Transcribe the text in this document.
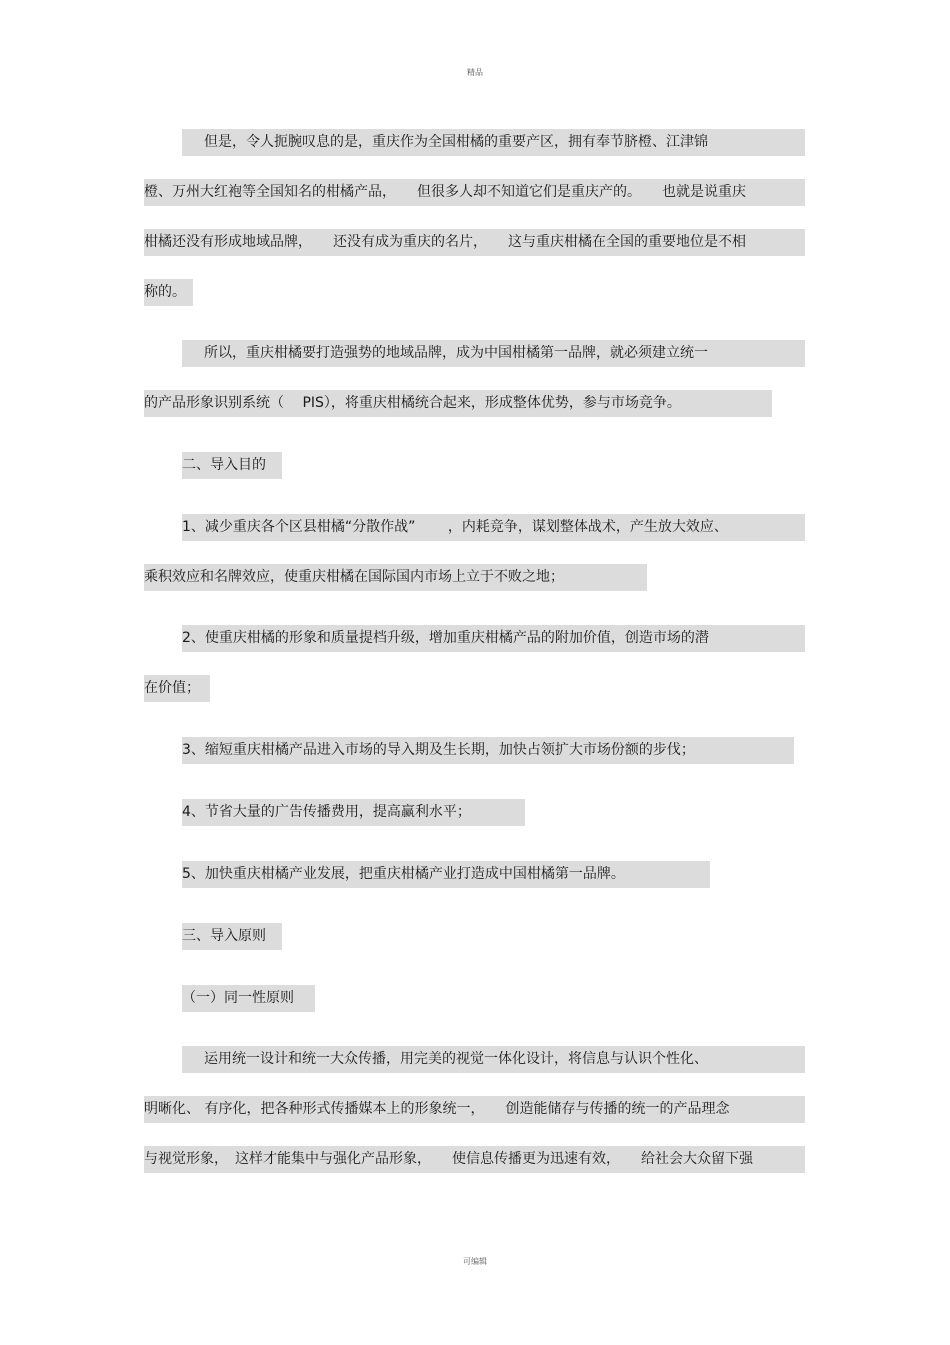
精品
但是，令人扼腕叹息的是，重庆作为全国柑橘的重要产区，拥有奉节脐橙、江津锦
橙、万州大红袍等全国知名的柑橘产品，　　但很多人却不知道它们是重庆产的。　　也就是说重庆
柑橘还没有形成地域品牌，　　还没有成为重庆的名片，　　这与重庆柑橘在全国的重要地位是不相
称的。
所以，重庆柑橘要打造强势的地域品牌，成为中国柑橘第一品牌，就必须建立统一
的产品形象识别系统（　 PIS），将重庆柑橘统合起来，形成整体优势，参与市场竞争。
二、导入目的
1、减少重庆各个区县柑橘“分散作战”　　 ，内耗竞争，谋划整体战术，产生放大效应、
乘积效应和名牌效应，使重庆柑橘在国际国内市场上立于不败之地；
2、使重庆柑橘的形象和质量提档升级，增加重庆柑橘产品的附加价值，创造市场的潜
在价值；
3、缩短重庆柑橘产品进入市场的导入期及生长期，加快占领扩大市场份额的步伐；
4、节省大量的广告传播费用，提高赢利水平；
5、加快重庆柑橘产业发展，把重庆柑橘产业打造成中国柑橘第一品牌。
三、导入原则
（一）同一性原则
运用统一设计和统一大众传播，用完美的视觉一体化设计，将信息与认识个性化、
明晰化、 有序化，把各种形式传播媒本上的形象统一，　　创造能储存与传播的统一的产品理念
与视觉形象，　这样才能集中与强化产品形象，　　使信息传播更为迅速有效，　　给社会大众留下强
可编辑
